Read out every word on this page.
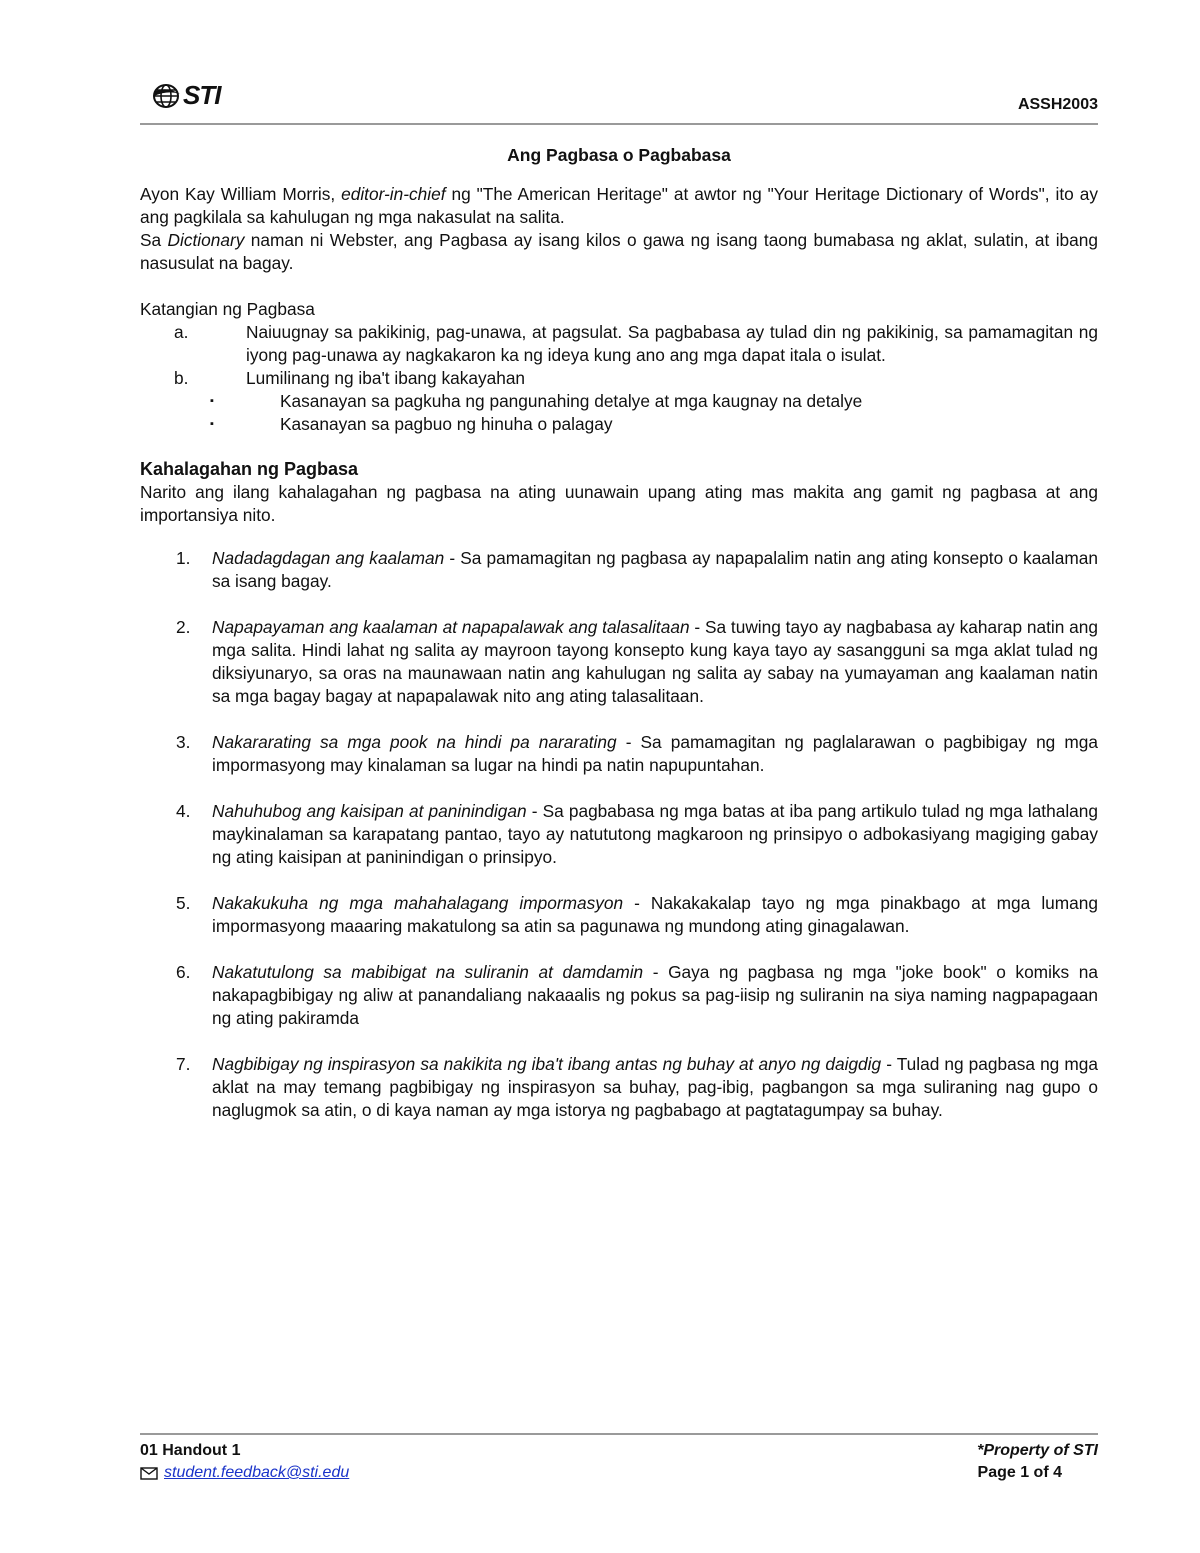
STI	ASSH2003
Ang Pagbasa o Pagbabasa

Ayon Kay William Morris, editor-in-chief ng "The American Heritage" at awtor ng "Your Heritage Dictionary of Words", ito ay ang pagkilala sa kahulugan ng mga nakasulat na salita.

Sa Dictionary naman ni Webster, ang Pagbasa ay isang kilos o gawa ng isang taong bumabasa ng aklat, sulatin, at ibang nasusulat na bagay.

Katangian ng Pagbasa

a.	Naiuugnay sa pakikinig, pag-unawa, at pagsulat. Sa pagbabasa ay tulad din ng pakikinig, sa pamamagitan ng iyong pag-unawa ay nagkakaron ka ng ideya kung ano ang mga dapat itala o isulat.
b.	Lumilinang ng iba't ibang kakayahan
▪	Kasanayan sa pagkuha ng pangunahing detalye at mga kaugnay na detalye
▪	Kasanayan sa pagbuo ng hinuha o palagay

Kahalagahan ng Pagbasa

Narito ang ilang kahalagahan ng pagbasa na ating uunawain upang ating mas makita ang gamit ng pagbasa at ang importansiya nito.

1.	Nadadagdagan ang kaalaman - Sa pamamagitan ng pagbasa ay napapalalim natin ang ating konsepto o kaalaman sa isang bagay.
2.	Napapayaman ang kaalaman at napapalawak ang talasalitaan - Sa tuwing tayo ay nagbabasa ay kaharap natin ang mga salita. Hindi lahat ng salita ay mayroon tayong konsepto kung kaya tayo ay sasangguni sa mga aklat tulad ng diksiyunaryo, sa oras na maunawaan natin ang kahulugan ng salita ay sabay na yumayaman ang kaalaman natin sa mga bagay bagay at napapalawak nito ang ating talasalitaan.
3.	Nakararating sa mga pook na hindi pa nararating - Sa pamamagitan ng paglalarawan o pagbibigay ng mga impormasyong may kinalaman sa lugar na hindi pa natin napupuntahan.
4.	Nahuhubog ang kaisipan at paninindigan - Sa pagbabasa ng mga batas at iba pang artikulo tulad ng mga lathalang maykinalaman sa karapatang pantao, tayo ay natututong magkaroon ng prinsipyo o adbokasiyang magiging gabay ng ating kaisipan at paninindigan o prinsipyo.
5.	Nakakukuha ng mga mahahalagang impormasyon - Nakakakalap tayo ng mga pinakbago at mga lumang impormasyong maaaring makatulong sa atin sa pagunawa ng mundong ating ginagalawan.
6.	Nakatutulong sa mabibigat na suliranin at damdamin - Gaya ng pagbasa ng mga "joke book" o komiks na nakapagbibigay ng aliw at panandaliang nakaaalis ng pokus sa pag-iisip ng suliranin na siya naming nagpapagaan ng ating pakiramda
7.	Nagbibigay ng inspirasyon sa nakikita ng iba't ibang antas ng buhay at anyo ng daigdig - Tulad ng pagbasa ng mga aklat na may temang pagbibigay ng inspirasyon sa buhay, pag-ibig, pagbangon sa mga suliraning nag gupo o naglugmok sa atin, o di kaya naman ay mga istorya ng pagbabago at pagtatagumpay sa buhay.
01 Handout 1
student.feedback@sti.edu
*Property of STI
Page 1 of 4
